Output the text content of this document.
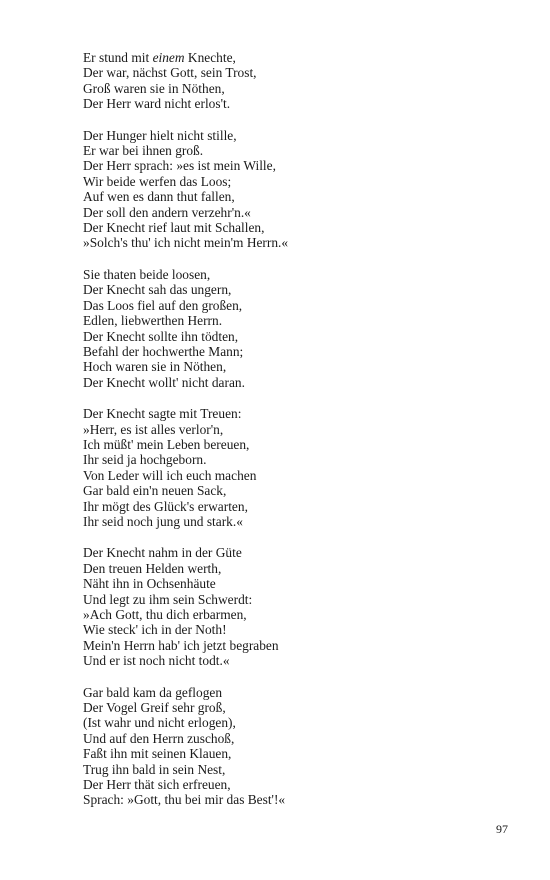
Er stund mit einem Knechte,
Der war, nächst Gott, sein Trost,
Groß waren sie in Nöthen,
Der Herr ward nicht erlos't.
Der Hunger hielt nicht stille,
Er war bei ihnen groß.
Der Herr sprach: »es ist mein Wille,
Wir beide werfen das Loos;
Auf wen es dann thut fallen,
Der soll den andern verzehr'n.«
Der Knecht rief laut mit Schallen,
»Solch's thu' ich nicht mein'm Herrn.«
Sie thaten beide loosen,
Der Knecht sah das ungern,
Das Loos fiel auf den großen,
Edlen, liebwerthen Herrn.
Der Knecht sollte ihn tödten,
Befahl der hochwerthe Mann;
Hoch waren sie in Nöthen,
Der Knecht wollt' nicht daran.
Der Knecht sagte mit Treuen:
»Herr, es ist alles verlor'n,
Ich müßt' mein Leben bereuen,
Ihr seid ja hochgeborn.
Von Leder will ich euch machen
Gar bald ein'n neuen Sack,
Ihr mögt des Glück's erwarten,
Ihr seid noch jung und stark.«
Der Knecht nahm in der Güte
Den treuen Helden werth,
Näht ihn in Ochsenhäute
Und legt zu ihm sein Schwerdt:
»Ach Gott, thu dich erbarmen,
Wie steck' ich in der Noth!
Mein'n Herrn hab' ich jetzt begraben
Und er ist noch nicht todt.«
Gar bald kam da geflogen
Der Vogel Greif sehr groß,
(Ist wahr und nicht erlogen),
Und auf den Herrn zuschoß,
Faßt ihn mit seinen Klauen,
Trug ihn bald in sein Nest,
Der Herr thät sich erfreuen,
Sprach: »Gott, thu bei mir das Best'!«
97
